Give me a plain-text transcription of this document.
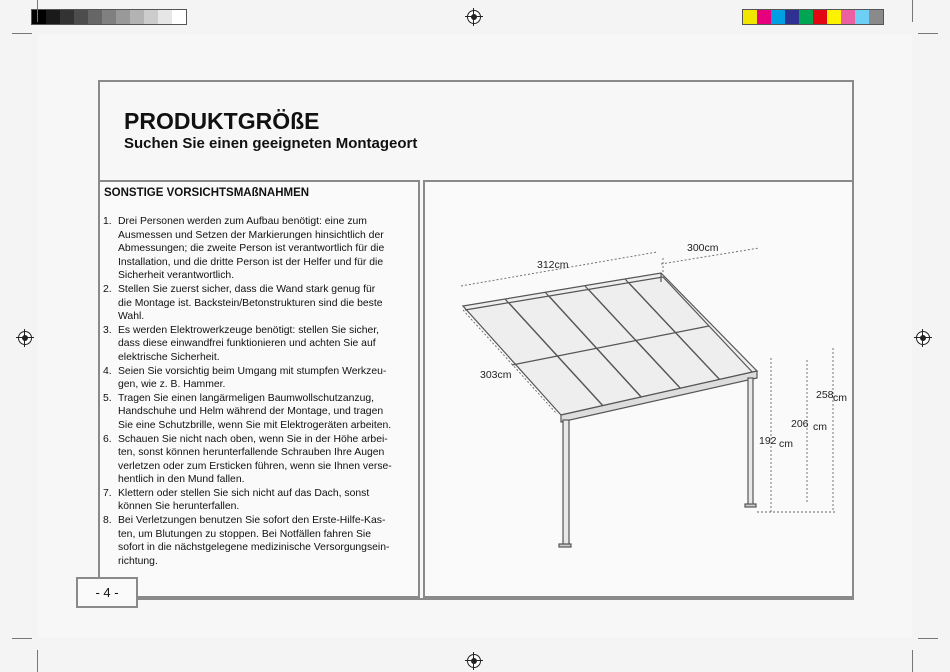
PRODUKTGRÖßE
Suchen Sie einen geeigneten Montageort
SONSTIGE VORSICHTSMAßNAHMEN
1. Drei Personen werden zum Aufbau benötigt: eine zum
Ausmessen und Setzen der Markierungen hinsichtlich der
Abmessungen; die zweite Person ist verantwortlich für die
Installation, und die dritte Person ist der Helfer und für die
Sicherheit verantwortlich.
2. Stellen Sie zuerst sicher, dass die Wand stark genug für
die Montage ist. Backstein/Betonstrukturen sind die beste
Wahl.
3. Es werden Elektrowerkzeuge benötigt: stellen Sie sicher,
dass diese einwandfrei funktionieren und achten Sie auf
elektrische Sicherheit.
4. Seien Sie vorsichtig beim Umgang mit stumpfen Werkzeu-
gen, wie z. B. Hammer.
5. Tragen Sie einen langärmeligen Baumwollschutzanzug,
Handschuhe und Helm während der Montage, und tragen
Sie eine Schutzbrille, wenn Sie mit Elektrogeräten arbeiten.
6. Schauen Sie nicht nach oben, wenn Sie in der Höhe arbei-
ten, sonst können herunterfallende Schrauben Ihre Augen
verletzen oder zum Ersticken führen, wenn sie Ihnen verse-
hentlich in den Mund fallen.
7. Klettern oder stellen Sie sich nicht auf das Dach, sonst
können Sie herunterfallen.
8. Bei Verletzungen benutzen Sie sofort den Erste-Hilfe-Kas-
ten, um Blutungen zu stoppen. Bei Notfällen fahren Sie
sofort in die nächstgelegene medizinische Versorgungsein-
richtung.
300cm
312cm
303cm
258 cm
206 cm
192 cm
- 4 -
